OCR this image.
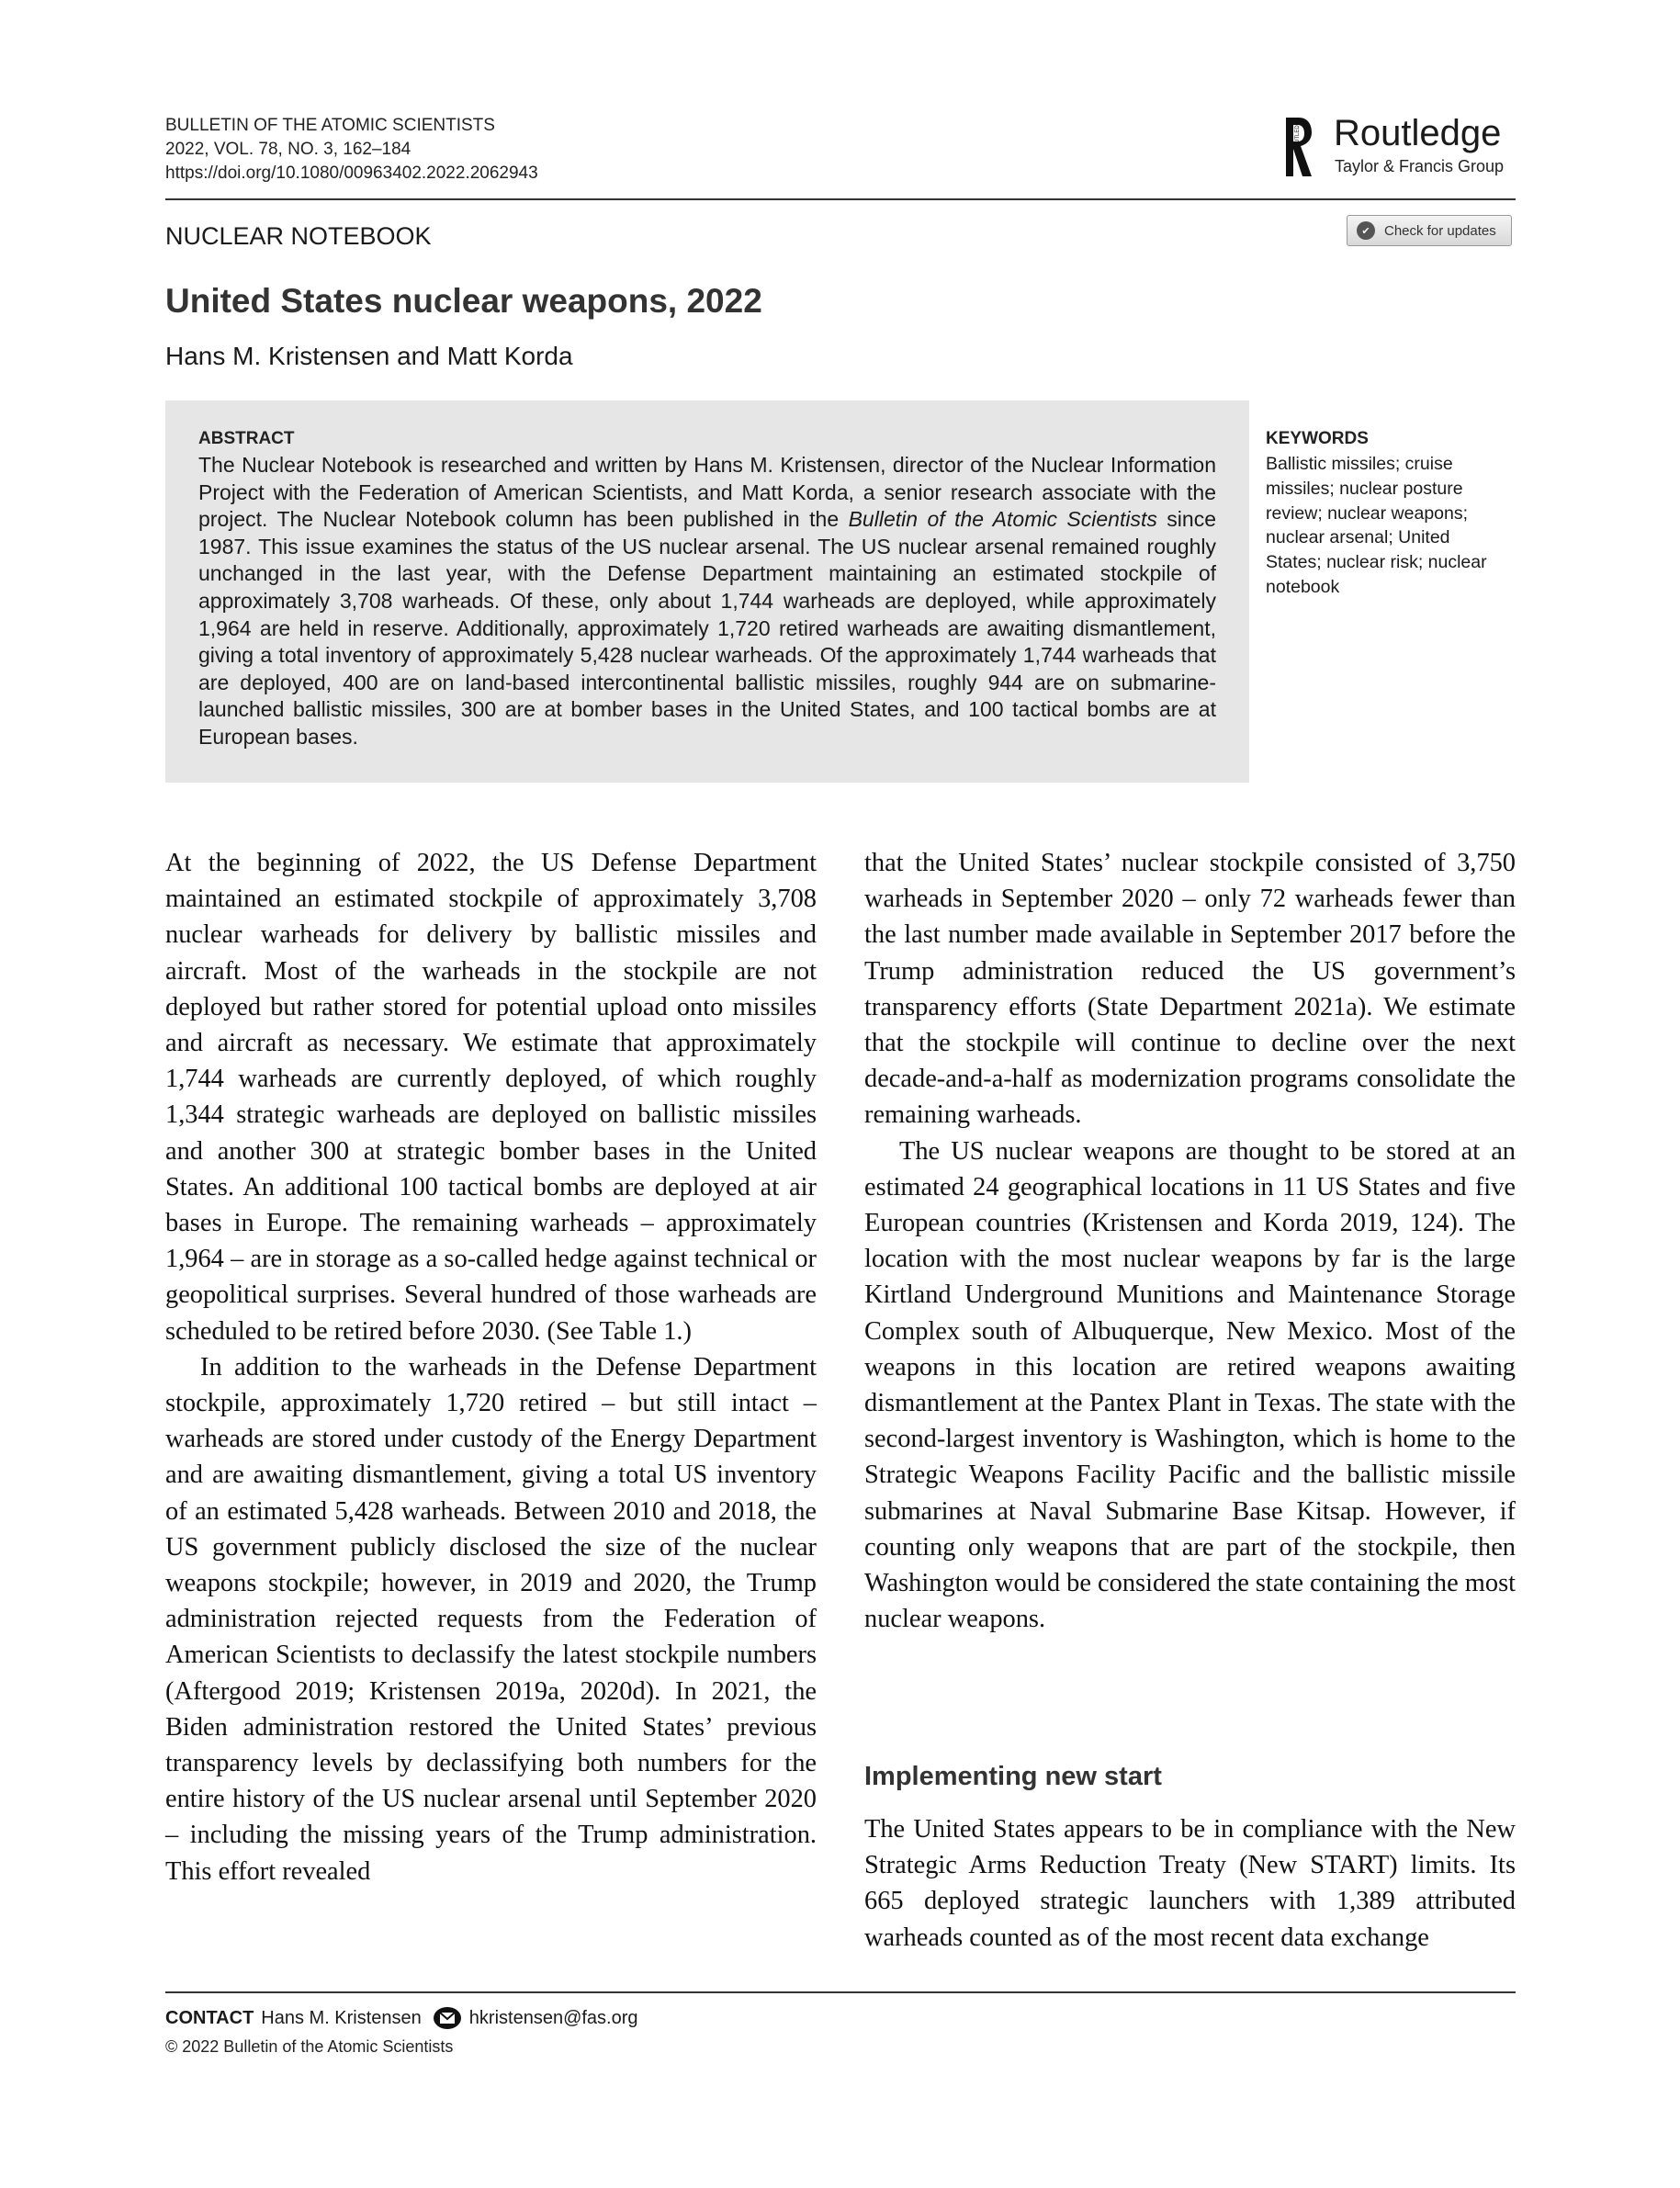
BULLETIN OF THE ATOMIC SCIENTISTS
2022, VOL. 78, NO. 3, 162–184
https://doi.org/10.1080/00963402.2022.2062943
ROUTLEDGE Routledge
Taylor & Francis Group
NUCLEAR NOTEBOOK	✔	Check for updates
United States nuclear weapons, 2022
Hans M. Kristensen and Matt Korda
ABSTRACT
The Nuclear Notebook is researched and written by Hans M. Kristensen, director of the Nuclear Information Project with the Federation of American Scientists, and Matt Korda, a senior research associate with the project. The Nuclear Notebook column has been published in the Bulletin of the Atomic Scientists since 1987. This issue examines the status of the US nuclear arsenal. The US nuclear arsenal remained roughly unchanged in the last year, with the Defense Department maintaining an estimated stockpile of approximately 3,708 warheads. Of these, only about 1,744 warheads are deployed, while approximately 1,964 are held in reserve. Additionally, approximately 1,720 retired warheads are awaiting dismantlement, giving a total inventory of approximately 5,428 nuclear warheads. Of the approximately 1,744 warheads that are deployed, 400 are on land-based intercontinental ballistic missiles, roughly 944 are on submarine-launched ballistic missiles, 300 are at bomber bases in the United States, and 100 tactical bombs are at European bases.
KEYWORDS
Ballistic missiles; cruise missiles; nuclear posture review; nuclear weapons; nuclear arsenal; United States; nuclear risk; nuclear notebook

At the beginning of 2022, the US Defense Department maintained an estimated stockpile of approximately 3,708 nuclear warheads for delivery by ballistic missiles and aircraft. Most of the warheads in the stockpile are not deployed but rather stored for potential upload onto missiles and aircraft as necessary. We estimate that approximately 1,744 warheads are currently deployed, of which roughly 1,344 strategic warheads are deployed on ballistic missiles and another 300 at strategic bomber bases in the United States. An additional 100 tactical bombs are deployed at air bases in Europe. The remaining warheads – approximately 1,964 – are in storage as a so-called hedge against technical or geopolitical surprises. Several hundred of those warheads are scheduled to be retired before 2030. (See Table 1.)

In addition to the warheads in the Defense Department stockpile, approximately 1,720 retired – but still intact – warheads are stored under custody of the Energy Department and are awaiting dismantlement, giving a total US inventory of an estimated 5,428 warheads. Between 2010 and 2018, the US government publicly disclosed the size of the nuclear weapons stockpile; however, in 2019 and 2020, the Trump administration rejected requests from the Federation of American Scientists to declassify the latest stockpile numbers (Aftergood 2019; Kristensen 2019a, 2020d). In 2021, the Biden administration restored the United States’ previous transparency levels by declassifying both numbers for the entire history of the US nuclear arsenal until September 2020 – including the missing years of the Trump administration. This effort revealed

that the United States’ nuclear stockpile consisted of 3,750 warheads in September 2020 – only 72 warheads fewer than the last number made available in September 2017 before the Trump administration reduced the US government’s transparency efforts (State Department 2021a). We estimate that the stockpile will continue to decline over the next decade-and-a-half as modernization programs consolidate the remaining warheads.

The US nuclear weapons are thought to be stored at an estimated 24 geographical locations in 11 US States and five European countries (Kristensen and Korda 2019, 124). The location with the most nuclear weapons by far is the large Kirtland Underground Munitions and Maintenance Storage Complex south of Albuquerque, New Mexico. Most of the weapons in this location are retired weapons awaiting dismantlement at the Pantex Plant in Texas. The state with the second-largest inventory is Washington, which is home to the Strategic Weapons Facility Pacific and the ballistic missile submarines at Naval Submarine Base Kitsap. However, if counting only weapons that are part of the stockpile, then Washington would be considered the state containing the most nuclear weapons.

Implementing new start

The United States appears to be in compliance with the New Strategic Arms Reduction Treaty (New START) limits. Its 665 deployed strategic launchers with 1,389 attributed warheads counted as of the most recent data exchange

CONTACT Hans M. Kristensen	hkristensen@fas.org
© 2022 Bulletin of the Atomic Scientists
